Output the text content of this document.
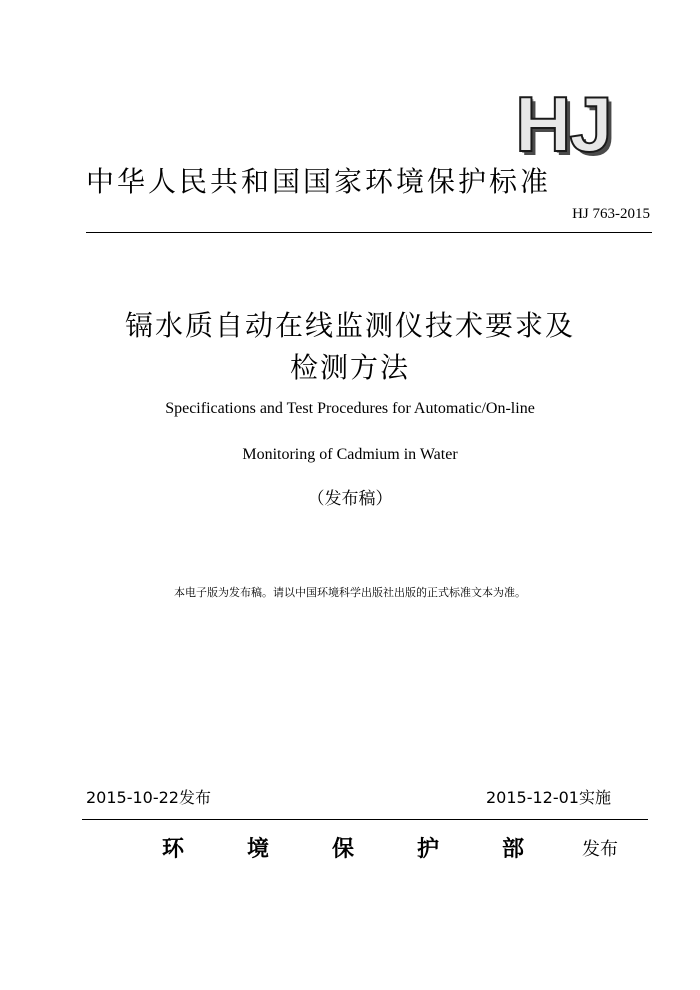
HJ
中华人民共和国国家环境保护标准
HJ 763-2015
镉水质自动在线监测仪技术要求及
检测方法
Specifications and Test Procedures for Automatic/On-line
Monitoring of Cadmium in Water
（发布稿）
本电子版为发布稿。请以中国环境科学出版社出版的正式标准文本为准。
2015-10-22发布	2015-12-01实施
环	境	保	护	部	发布
